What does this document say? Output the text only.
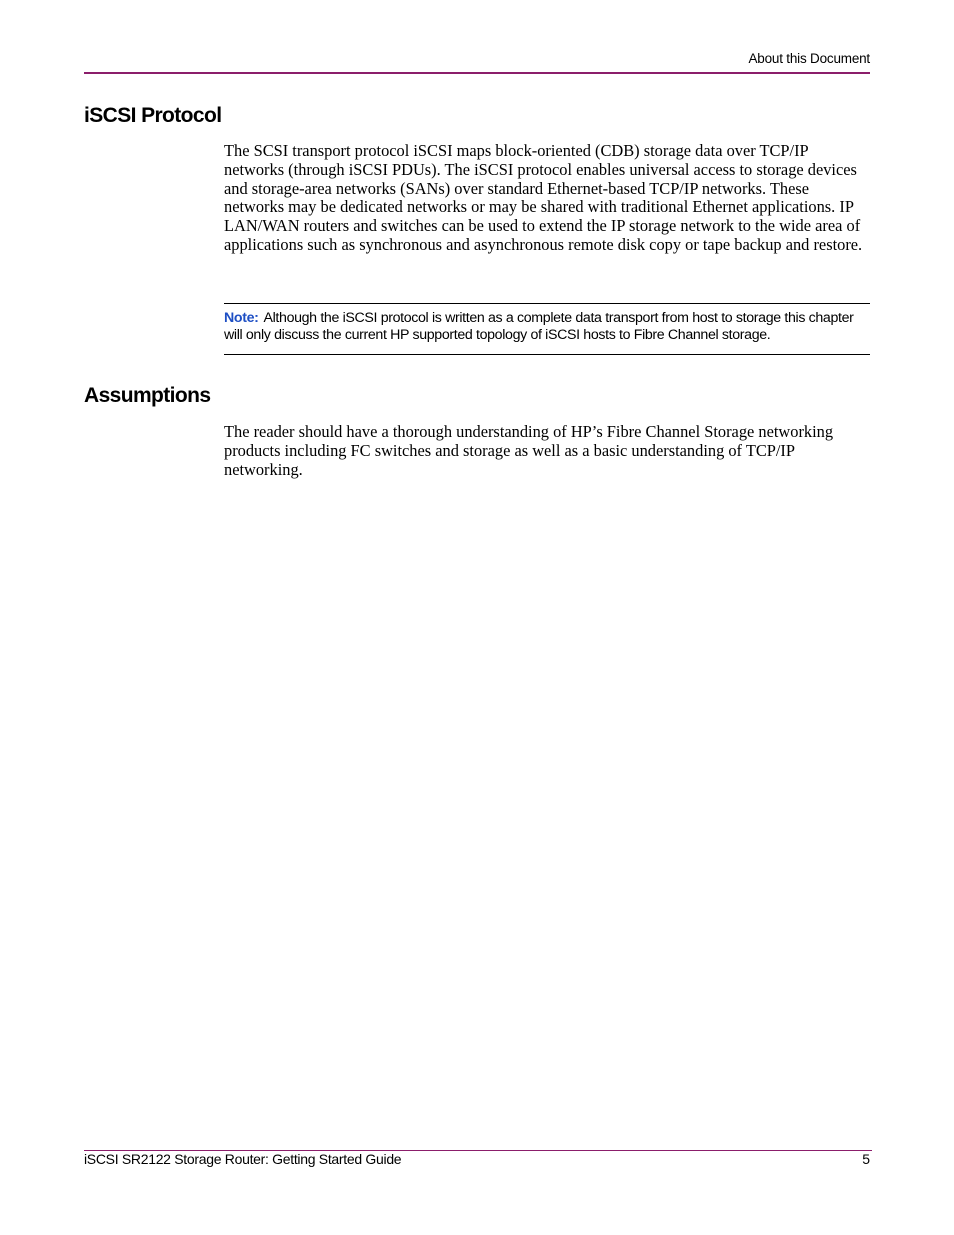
About this Document
iSCSI Protocol

The SCSI transport protocol iSCSI maps block-oriented (CDB) storage data over TCP/IP networks (through iSCSI PDUs). The iSCSI protocol enables universal access to storage devices and storage-area networks (SANs) over standard Ethernet-based TCP/IP networks. These networks may be dedicated networks or may be shared with traditional Ethernet applications. IP LAN/WAN routers and switches can be used to extend the IP storage network to the wide area of applications such as synchronous and asynchronous remote disk copy or tape backup and restore.

Note: Although the iSCSI protocol is written as a complete data transport from host to storage this chapter will only discuss the current HP supported topology of iSCSI hosts to Fibre Channel storage.

Assumptions

The reader should have a thorough understanding of HP’s Fibre Channel Storage networking products including FC switches and storage as well as a basic understanding of TCP/IP networking.

iSCSI SR2122 Storage Router: Getting Started Guide	5
